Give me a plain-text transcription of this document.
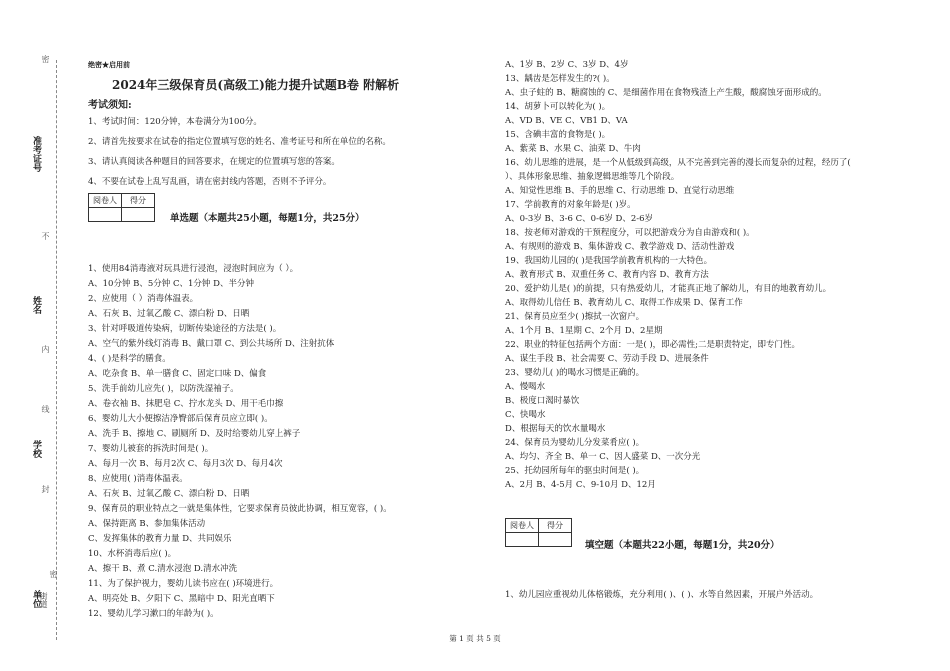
密
不
内
线
封
密
准考证号
姓名
学校
单位
街道
绝密★启用前
2024年三级保育员(高级工)能力提升试题B卷 附解析
考试须知:
1、考试时间：120分钟，本卷满分为100分。
2、请首先按要求在试卷的指定位置填写您的姓名、准考证号和所在单位的名称。
3、请认真阅读各种题目的回答要求，在规定的位置填写您的答案。
4、不要在试卷上乱写乱画，请在密封线内答题，否则不予评分。
阅卷人	得分

单选题（本题共25小题，每题1分，共25分）
1、使用84消毒液对玩具进行浸泡，浸泡时间应为（ ）。
A、10分钟 B、5分钟 C、1分钟 D、半分钟
2、应使用（ ）消毒体温表。
A、石灰 B、过氧乙酸 C、漂白粉 D、日晒
3、针对呼吸道传染病，切断传染途径的方法是( )。
A、空气的紫外线灯消毒 B、戴口罩 C、到公共场所 D、注射抗体
4、( )是科学的膳食。
A、吃杂食 B、单一膳食 C、固定口味 D、偏食
5、洗手前幼儿应先( )，以防洗湿袖子。
A、卷衣袖 B、抹肥皂 C、拧水龙头 D、用干毛巾擦
6、婴幼儿大小便擦洁净臀部后保育员应立即( )。
A、洗手 B、擦地 C、刷厕所 D、及时给婴幼儿穿上裤子
7、婴幼儿被套的拆洗时间是( )。
A、每月一次 B、每月2次 C、每月3次 D、每月4次
8、应使用( )消毒体温表。
A、石灰 B、过氧乙酸 C、漂白粉 D、日晒
9、保育员的职业特点之一就是集体性，它要求保育员彼此协调，相互宽容，( )。
A、保持距离 B、参加集体活动
C、发挥集体的教育力量 D、共同娱乐
10、水杯消毒后应( )。
A、擦干 B、煮 C.清水浸泡 D.清水冲洗
11、为了保护视力，婴幼儿读书应在( )环境进行。
A、明亮处 B、夕阳下 C、黑暗中 D、阳光直晒下
12、婴幼儿学习漱口的年龄为( )。
A、1岁 B、2岁 C、3岁 D、4岁
13、龋齿是怎样发生的?( )。
A、虫子蛀的 B、糖腐蚀的 C、是细菌作用在食物残渣上产生酸，酸腐蚀牙面形成的。
14、胡萝卜可以转化为( )。
A、VD B、VE C、VB1 D、VA
15、含碘丰富的食物是( )。
A、紫菜 B、水果 C、油菜 D、牛肉
16、幼儿思维的进展，是一个从低级到高级，从不完善到完善的漫长而复杂的过程，经历了(
）、具体形象思维、抽象逻辑思维等几个阶段。
A、知觉性思维 B、手的思维 C、行动思维 D、直觉行动思维
17、学前教育的对象年龄是( )岁。
A、0-3岁 B、3-6 C、0-6岁 D、2-6岁
18、按老师对游戏的干预程度分，可以把游戏分为自由游戏和( )。
A、有规则的游戏 B、集体游戏 C、教学游戏 D、活动性游戏
19、我国幼儿园的( )是我国学前教育机构的一大特色。
A、教育形式 B、双重任务 C、教育内容 D、教育方法
20、爱护幼儿是( )的前提，只有热爱幼儿，才能真正地了解幼儿，有目的地教育幼儿。
A、取得幼儿信任 B、教育幼儿 C、取得工作成果 D、保育工作
21、保育员应至少( )擦拭一次窗户。
A、1个月 B、1星期 C、2个月 D、2星期
22、职业的特征包括两个方面：一是( )，即必需性;二是职责特定，即专门性。
A、谋生手段 B、社会需要 C、劳动手段 D、进展条件
23、婴幼儿( )的喝水习惯是正确的。
A、慢喝水
B、极度口渴时暴饮
C、快喝水
D、根据每天的饮水量喝水
24、保育员为婴幼儿分发菜肴应( )。
A、均匀、齐全 B、单一 C、因人盛菜 D、一次分光
25、托幼园所每年的驱虫时间是( )。
A、2月 B、4-5月 C、9-10月 D、12月
阅卷人	得分

填空题（本题共22小题，每题1分，共20分）
1、幼儿园应重视幼儿体格锻炼，充分利用( )、( )、水等自然因素，开展户外活动。
第 1 页 共 5 页
